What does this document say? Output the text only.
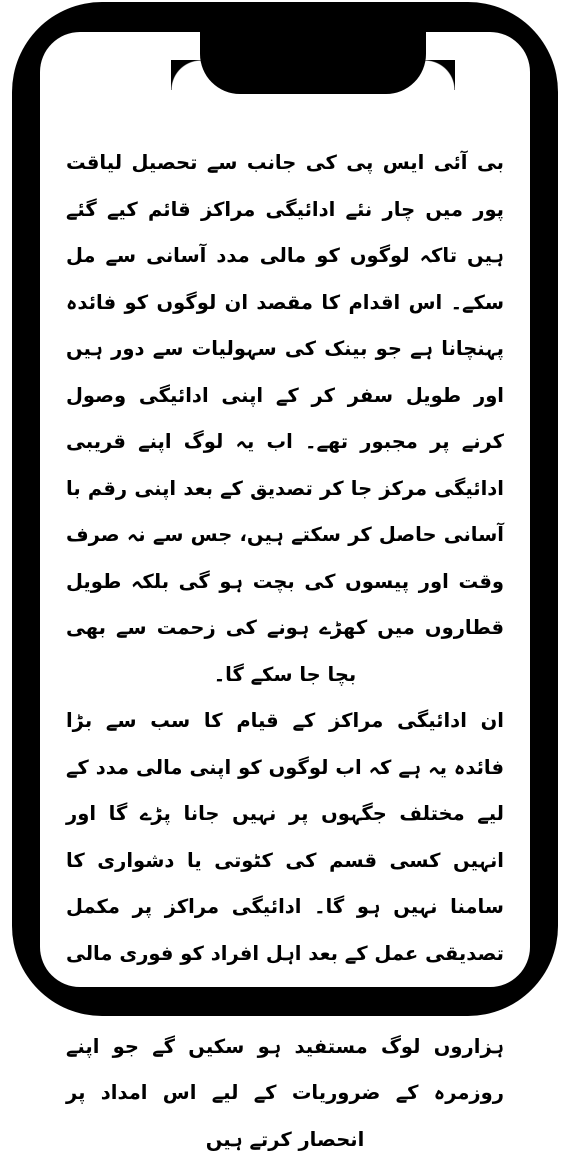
بی آئی ایس پی کی جانب سے تحصیل لیاقت پور میں چار نئے ادائیگی مراکز قائم کیے گئے ہیں تاکہ لوگوں کو مالی مدد آسانی سے مل سکے۔ اس اقدام کا مقصد ان لوگوں کو فائدہ پہنچانا ہے جو بینک کی سہولیات سے دور ہیں اور طویل سفر کر کے اپنی ادائیگی وصول کرنے پر مجبور تھے۔ اب یہ لوگ اپنے قریبی ادائیگی مرکز جا کر تصدیق کے بعد اپنی رقم با آسانی حاصل کر سکتے ہیں، جس سے نہ صرف وقت اور پیسوں کی بچت ہو گی بلکہ طویل قطاروں میں کھڑے ہونے کی زحمت سے بھی بچا جا سکے گا۔

ان ادائیگی مراکز کے قیام کا سب سے بڑا فائدہ یہ ہے کہ اب لوگوں کو اپنی مالی مدد کے لیے مختلف جگہوں پر نہیں جانا پڑے گا اور انہیں کسی قسم کی کٹوتی یا دشواری کا سامنا نہیں ہو گا۔ ادائیگی مراکز پر مکمل تصدیقی عمل کے بعد اہل افراد کو فوری مالی مدد فراہم کی جائے گی، اور اس اقدام سے ہزاروں لوگ مستفید ہو سکیں گے جو اپنے روزمرہ کے ضروریات کے لیے اس امداد پر انحصار کرتے ہیں
